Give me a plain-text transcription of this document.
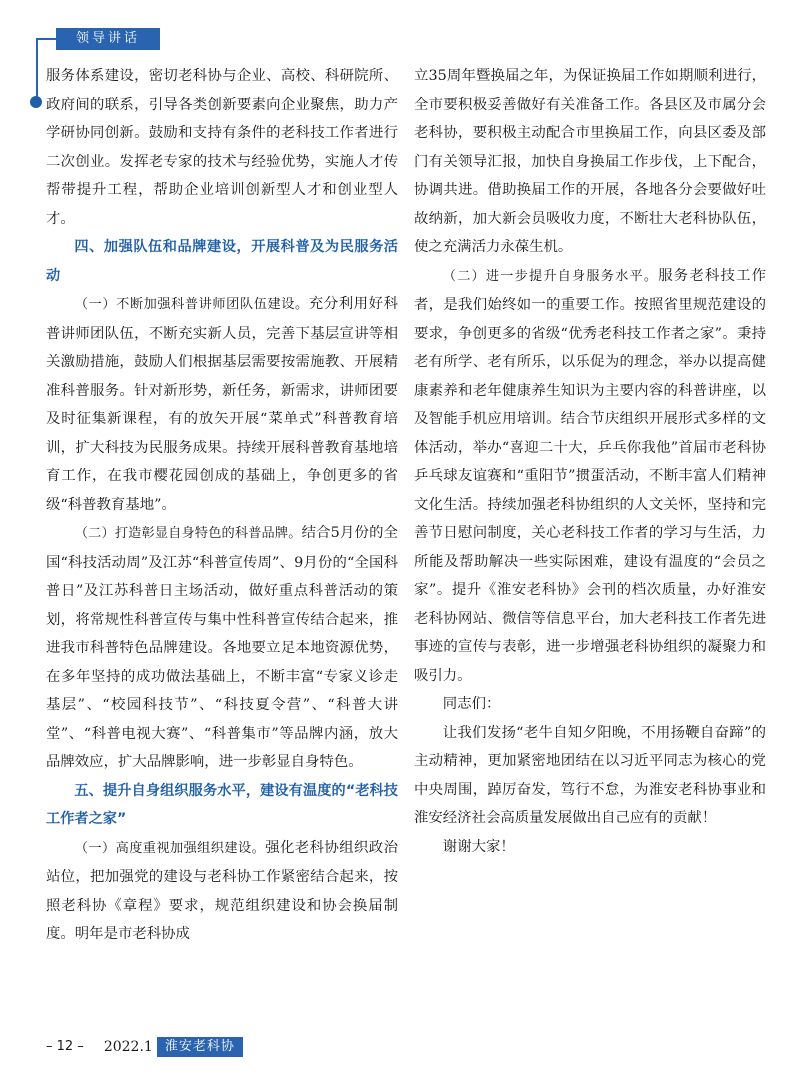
领导讲话

服务体系建设，密切老科协与企业、高校、科研院所、政府间的联系，引导各类创新要素向企业聚焦，助力产学研协同创新。鼓励和支持有条件的老科技工作者进行二次创业。发挥老专家的技术与经验优势，实施人才传帮带提升工程，帮助企业培训创新型人才和创业型人才。

四、加强队伍和品牌建设，开展科普及为民服务活动

（一）不断加强科普讲师团队伍建设。充分利用好科普讲师团队伍，不断充实新人员，完善下基层宣讲等相关激励措施，鼓励人们根据基层需要按需施教、开展精准科普服务。针对新形势，新任务，新需求，讲师团要及时征集新课程，有的放矢开展“菜单式”科普教育培训，扩大科技为民服务成果。持续开展科普教育基地培育工作，在我市樱花园创成的基础上，争创更多的省级“科普教育基地”。

（二）打造彰显自身特色的科普品牌。结合5月份的全国“科技活动周”及江苏“科普宣传周”、9月份的“全国科普日”及江苏科普日主场活动，做好重点科普活动的策划，将常规性科普宣传与集中性科普宣传结合起来，推进我市科普特色品牌建设。各地要立足本地资源优势，在多年坚持的成功做法基础上，不断丰富“专家义诊走基层”、“校园科技节”、“科技夏令营”、“科普大讲堂”、“科普电视大赛”、“科普集市”等品牌内涵，放大品牌效应，扩大品牌影响，进一步彰显自身特色。

五、提升自身组织服务水平，建设有温度的“老科技工作者之家”

（一）高度重视加强组织建设。强化老科协组织政治站位，把加强党的建设与老科协工作紧密结合起来，按照老科协《章程》要求，规范组织建设和协会换届制度。明年是市老科协成

立35周年暨换届之年，为保证换届工作如期顺利进行，全市要积极妥善做好有关准备工作。各县区及市属分会老科协，要积极主动配合市里换届工作，向县区委及部门有关领导汇报，加快自身换届工作步伐，上下配合，协调共进。借助换届工作的开展，各地各分会要做好吐故纳新，加大新会员吸收力度，不断壮大老科协队伍，使之充满活力永葆生机。

（二）进一步提升自身服务水平。服务老科技工作者，是我们始终如一的重要工作。按照省里规范建设的要求，争创更多的省级“优秀老科技工作者之家”。秉持老有所学、老有所乐，以乐促为的理念，举办以提高健康素养和老年健康养生知识为主要内容的科普讲座，以及智能手机应用培训。结合节庆组织开展形式多样的文体活动，举办“喜迎二十大，乒乓你我他”首届市老科协乒乓球友谊赛和“重阳节”掼蛋活动，不断丰富人们精神文化生活。持续加强老科协组织的人文关怀，坚持和完善节日慰问制度，关心老科技工作者的学习与生活，力所能及帮助解决一些实际困难，建设有温度的“会员之家”。提升《淮安老科协》会刊的档次质量，办好淮安老科协网站、微信等信息平台，加大老科技工作者先进事迹的宣传与表彰，进一步增强老科协组织的凝聚力和吸引力。

同志们：

让我们发扬“老牛自知夕阳晚，不用扬鞭自奋蹄”的主动精神，更加紧密地团结在以习近平同志为核心的党中央周围，踔厉奋发，笃行不怠，为淮安老科协事业和淮安经济社会高质量发展做出自己应有的贡献！

谢谢大家！

– 12 – 2022.1 淮安老科协
